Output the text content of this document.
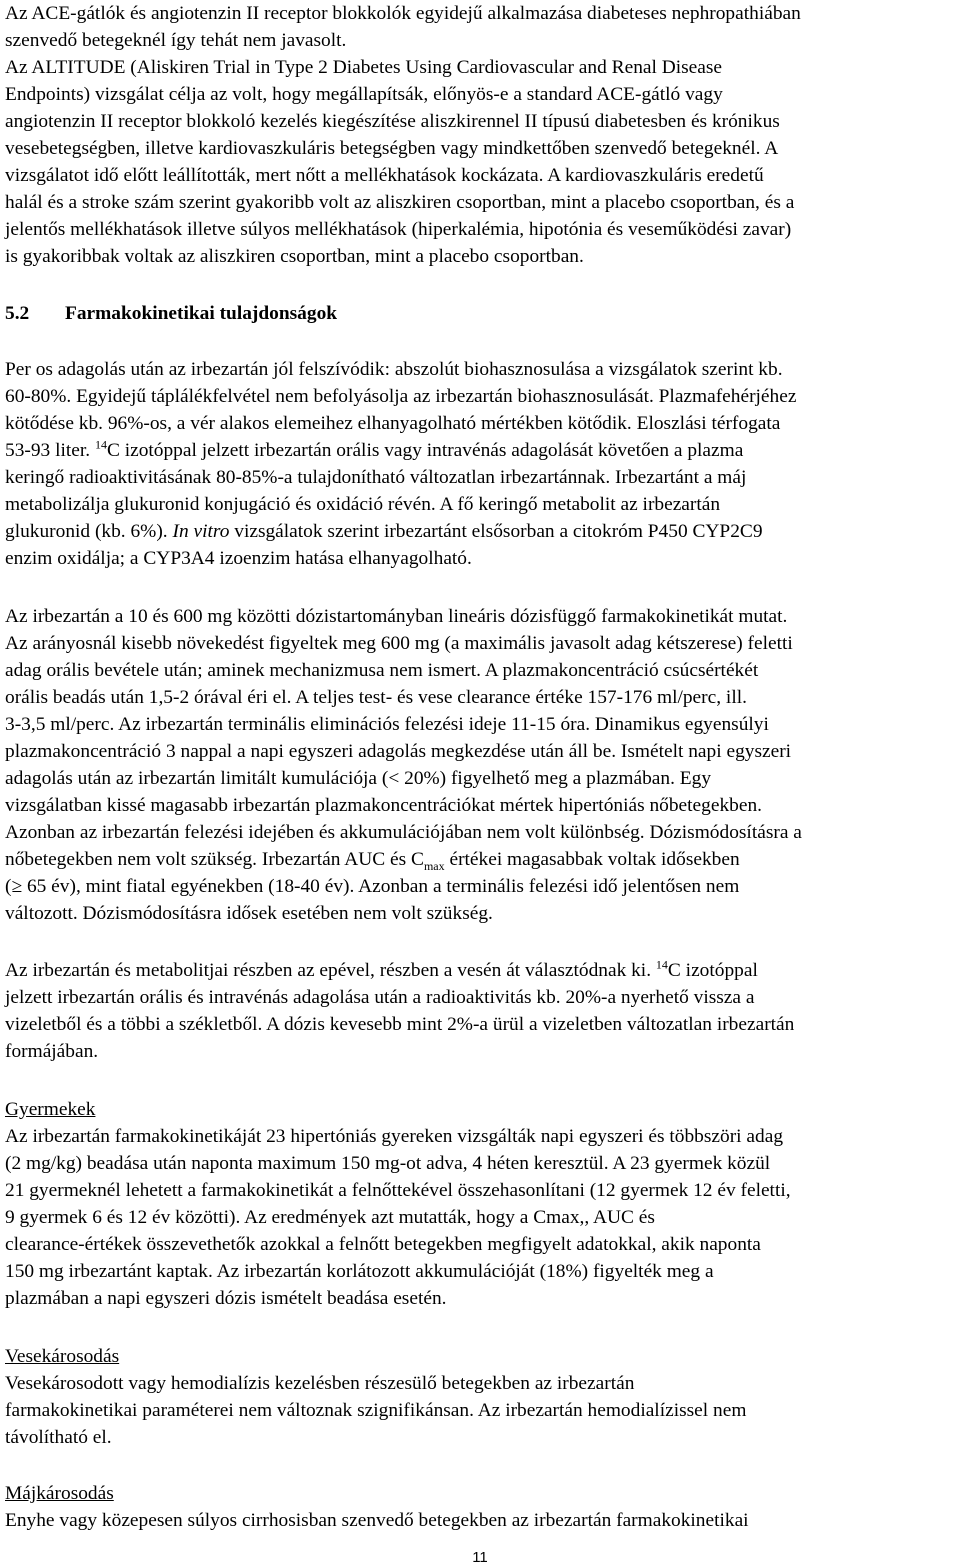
Az ACE-gátlók és angiotenzin II receptor blokkolók egyidejű alkalmazása diabeteses nephropathiában

szenvedő betegeknél így tehát nem javasolt.

Az ALTITUDE (Aliskiren Trial in Type 2 Diabetes Using Cardiovascular and Renal Disease

Endpoints) vizsgálat célja az volt, hogy megállapítsák, előnyös-e a standard ACE-gátló vagy

angiotenzin II receptor blokkoló kezelés kiegészítése aliszkirennel II típusú diabetesben és krónikus

vesebetegségben, illetve kardiovaszkuláris betegségben vagy mindkettőben szenvedő betegeknél. A

vizsgálatot idő előtt leállították, mert nőtt a mellékhatások kockázata. A kardiovaszkuláris eredetű

halál és a stroke szám szerint gyakoribb volt az aliszkiren csoportban, mint a placebo csoportban, és a

jelentős mellékhatások illetve súlyos mellékhatások (hiperkalémia, hipotónia és veseműködési zavar)

is gyakoribbak voltak az aliszkiren csoportban, mint a placebo csoportban.

5.2 Farmakokinetikai tulajdonságok

Per os adagolás után az irbezartán jól felszívódik: abszolút biohasznosulása a vizsgálatok szerint kb.

60-80%. Egyidejű táplálékfelvétel nem befolyásolja az irbezartán biohasznosulását. Plazmafehérjéhez

kötődése kb. 96%-os, a vér alakos elemeihez elhanyagolható mértékben kötődik. Eloszlási térfogata

53-93 liter. $^{14}$C izotóppal jelzett irbezartán orális vagy intravénás adagolását követően a plazma

keringő radioaktivitásának 80-85%-a tulajdonítható változatlan irbezartánnak. Irbezartánt a máj

metabolizálja glukuronid konjugáció és oxidáció révén. A fő keringő metabolit az irbezartán

glukuronid (kb. 6%). In vitro vizsgálatok szerint irbezartánt elsősorban a citokróm P450 CYP2C9

enzim oxidálja; a CYP3A4 izoenzim hatása elhanyagolható.

Az irbezartán a 10 és 600 mg közötti dózistartományban lineáris dózisfüggő farmakokinetikát mutat.

Az arányosnál kisebb növekedést figyeltek meg 600 mg (a maximális javasolt adag kétszerese) feletti

adag orális bevétele után; aminek mechanizmusa nem ismert. A plazmakoncentráció csúcsértékét

orális beadás után 1,5-2 órával éri el. A teljes test- és vese clearance értéke 157-176 ml/perc, ill.

3-3,5 ml/perc. Az irbezartán terminális eliminációs felezési ideje 11-15 óra. Dinamikus egyensúlyi

plazmakoncentráció 3 nappal a napi egyszeri adagolás megkezdése után áll be. Ismételt napi egyszeri

adagolás után az irbezartán limitált kumulációja (< 20%) figyelhető meg a plazmában. Egy

vizsgálatban kissé magasabb irbezartán plazmakoncentrációkat mértek hipertóniás nőbetegekben.

Azonban az irbezartán felezési idejében és akkumulációjában nem volt különbség. Dózismódosításra a

nőbetegekben nem volt szükség. Irbezartán AUC és $C_{max}$ értékei magasabbak voltak idősekben

(≥ 65 év), mint fiatal egyénekben (18-40 év). Azonban a terminális felezési idő jelentősen nem

változott. Dózismódosításra idősek esetében nem volt szükség.

Az irbezartán és metabolitjai részben az epével, részben a vesén át választódnak ki. $^{14}$C izotóppal

jelzett irbezartán orális és intravénás adagolása után a radioaktivitás kb. 20%-a nyerhető vissza a

vizeletből és a többi a székletből. A dózis kevesebb mint 2%-a ürül a vizeletben változatlan irbezartán

formájában.

Gyermekek

Az irbezartán farmakokinetikáját 23 hipertóniás gyereken vizsgálták napi egyszeri és többszöri adag

(2 mg/kg) beadása után naponta maximum 150 mg-ot adva, 4 héten keresztül. A 23 gyermek közül

21 gyermeknél lehetett a farmakokinetikát a felnőttekével összehasonlítani (12 gyermek 12 év feletti,

9 gyermek 6 és 12 év közötti). Az eredmények azt mutatták, hogy a Cmax,, AUC és

clearance-értékek összevethetők azokkal a felnőtt betegekben megfigyelt adatokkal, akik naponta

150 mg irbezartánt kaptak. Az irbezartán korlátozott akkumulációját (18%) figyelték meg a

plazmában a napi egyszeri dózis ismételt beadása esetén.

Vesekárosodás

Vesekárosodott vagy hemodialízis kezelésben részesülő betegekben az irbezartán

farmakokinetikai paraméterei nem változnak szignifikánsan. Az irbezartán hemodialízissel nem

távolítható el.

Májkárosodás

Enyhe vagy közepesen súlyos cirrhosisban szenvedő betegekben az irbezartán farmakokinetikai

11
